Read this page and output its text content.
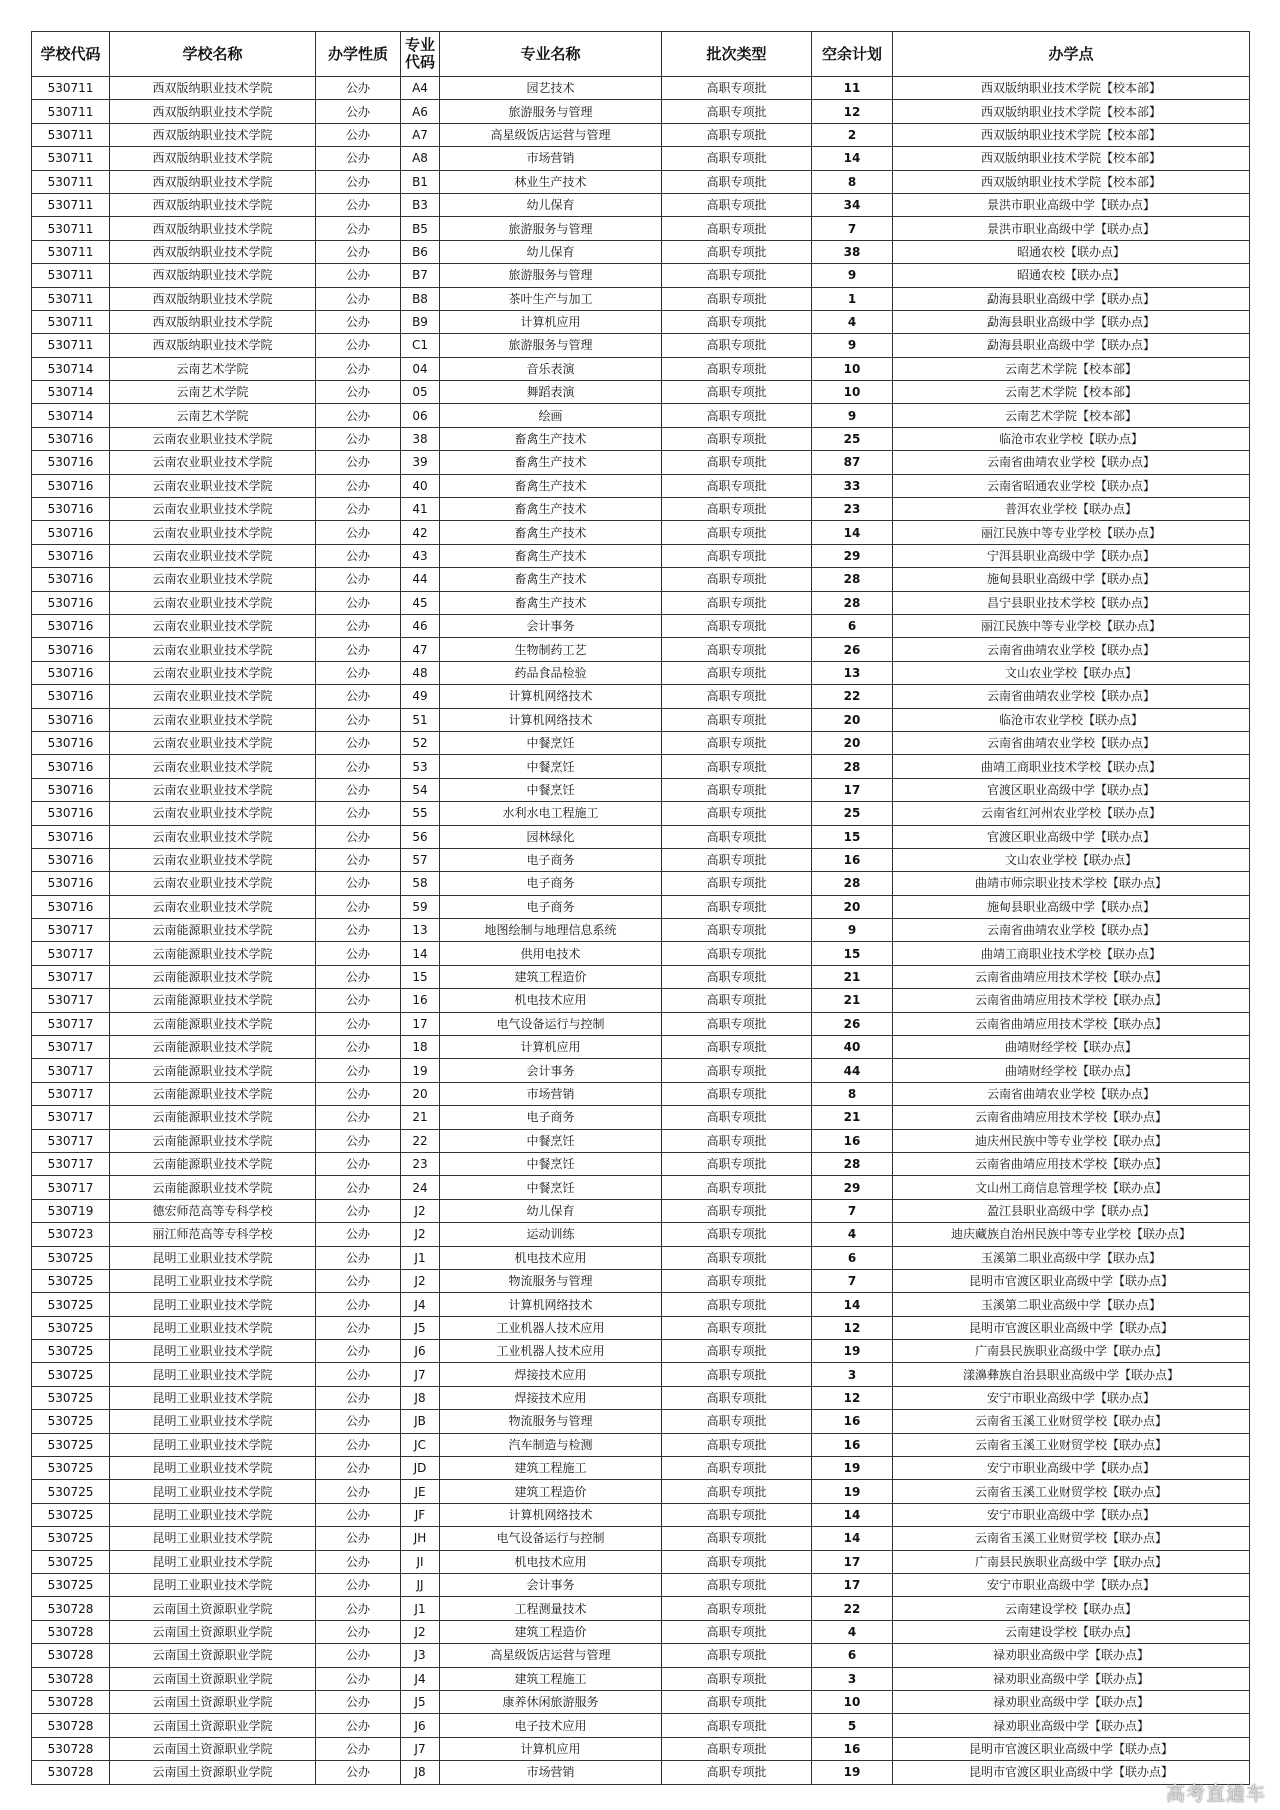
学校代码	学校名称	办学性质	专业代码	专业名称	批次类型	空余计划	办学点
530711	西双版纳职业技术学院	公办	A4	园艺技术	高职专项批	11	西双版纳职业技术学院【校本部】
530711	西双版纳职业技术学院	公办	A6	旅游服务与管理	高职专项批	12	西双版纳职业技术学院【校本部】
530711	西双版纳职业技术学院	公办	A7	高星级饭店运营与管理	高职专项批	2	西双版纳职业技术学院【校本部】
530711	西双版纳职业技术学院	公办	A8	市场营销	高职专项批	14	西双版纳职业技术学院【校本部】
530711	西双版纳职业技术学院	公办	B1	林业生产技术	高职专项批	8	西双版纳职业技术学院【校本部】
530711	西双版纳职业技术学院	公办	B3	幼儿保育	高职专项批	34	景洪市职业高级中学【联办点】
530711	西双版纳职业技术学院	公办	B5	旅游服务与管理	高职专项批	7	景洪市职业高级中学【联办点】
530711	西双版纳职业技术学院	公办	B6	幼儿保育	高职专项批	38	昭通农校【联办点】
530711	西双版纳职业技术学院	公办	B7	旅游服务与管理	高职专项批	9	昭通农校【联办点】
530711	西双版纳职业技术学院	公办	B8	茶叶生产与加工	高职专项批	1	勐海县职业高级中学【联办点】
530711	西双版纳职业技术学院	公办	B9	计算机应用	高职专项批	4	勐海县职业高级中学【联办点】
530711	西双版纳职业技术学院	公办	C1	旅游服务与管理	高职专项批	9	勐海县职业高级中学【联办点】
530714	云南艺术学院	公办	04	音乐表演	高职专项批	10	云南艺术学院【校本部】
530714	云南艺术学院	公办	05	舞蹈表演	高职专项批	10	云南艺术学院【校本部】
530714	云南艺术学院	公办	06	绘画	高职专项批	9	云南艺术学院【校本部】
530716	云南农业职业技术学院	公办	38	畜禽生产技术	高职专项批	25	临沧市农业学校【联办点】
530716	云南农业职业技术学院	公办	39	畜禽生产技术	高职专项批	87	云南省曲靖农业学校【联办点】
530716	云南农业职业技术学院	公办	40	畜禽生产技术	高职专项批	33	云南省昭通农业学校【联办点】
530716	云南农业职业技术学院	公办	41	畜禽生产技术	高职专项批	23	普洱农业学校【联办点】
530716	云南农业职业技术学院	公办	42	畜禽生产技术	高职专项批	14	丽江民族中等专业学校【联办点】
530716	云南农业职业技术学院	公办	43	畜禽生产技术	高职专项批	29	宁洱县职业高级中学【联办点】
530716	云南农业职业技术学院	公办	44	畜禽生产技术	高职专项批	28	施甸县职业高级中学【联办点】
530716	云南农业职业技术学院	公办	45	畜禽生产技术	高职专项批	28	昌宁县职业技术学校【联办点】
530716	云南农业职业技术学院	公办	46	会计事务	高职专项批	6	丽江民族中等专业学校【联办点】
530716	云南农业职业技术学院	公办	47	生物制药工艺	高职专项批	26	云南省曲靖农业学校【联办点】
530716	云南农业职业技术学院	公办	48	药品食品检验	高职专项批	13	文山农业学校【联办点】
530716	云南农业职业技术学院	公办	49	计算机网络技术	高职专项批	22	云南省曲靖农业学校【联办点】
530716	云南农业职业技术学院	公办	51	计算机网络技术	高职专项批	20	临沧市农业学校【联办点】
530716	云南农业职业技术学院	公办	52	中餐烹饪	高职专项批	20	云南省曲靖农业学校【联办点】
530716	云南农业职业技术学院	公办	53	中餐烹饪	高职专项批	28	曲靖工商职业技术学校【联办点】
530716	云南农业职业技术学院	公办	54	中餐烹饪	高职专项批	17	官渡区职业高级中学【联办点】
530716	云南农业职业技术学院	公办	55	水利水电工程施工	高职专项批	25	云南省红河州农业学校【联办点】
530716	云南农业职业技术学院	公办	56	园林绿化	高职专项批	15	官渡区职业高级中学【联办点】
530716	云南农业职业技术学院	公办	57	电子商务	高职专项批	16	文山农业学校【联办点】
530716	云南农业职业技术学院	公办	58	电子商务	高职专项批	28	曲靖市师宗职业技术学校【联办点】
530716	云南农业职业技术学院	公办	59	电子商务	高职专项批	20	施甸县职业高级中学【联办点】
530717	云南能源职业技术学院	公办	13	地图绘制与地理信息系统	高职专项批	9	云南省曲靖农业学校【联办点】
530717	云南能源职业技术学院	公办	14	供用电技术	高职专项批	15	曲靖工商职业技术学校【联办点】
530717	云南能源职业技术学院	公办	15	建筑工程造价	高职专项批	21	云南省曲靖应用技术学校【联办点】
530717	云南能源职业技术学院	公办	16	机电技术应用	高职专项批	21	云南省曲靖应用技术学校【联办点】
530717	云南能源职业技术学院	公办	17	电气设备运行与控制	高职专项批	26	云南省曲靖应用技术学校【联办点】
530717	云南能源职业技术学院	公办	18	计算机应用	高职专项批	40	曲靖财经学校【联办点】
530717	云南能源职业技术学院	公办	19	会计事务	高职专项批	44	曲靖财经学校【联办点】
530717	云南能源职业技术学院	公办	20	市场营销	高职专项批	8	云南省曲靖农业学校【联办点】
530717	云南能源职业技术学院	公办	21	电子商务	高职专项批	21	云南省曲靖应用技术学校【联办点】
530717	云南能源职业技术学院	公办	22	中餐烹饪	高职专项批	16	迪庆州民族中等专业学校【联办点】
530717	云南能源职业技术学院	公办	23	中餐烹饪	高职专项批	28	云南省曲靖应用技术学校【联办点】
530717	云南能源职业技术学院	公办	24	中餐烹饪	高职专项批	29	文山州工商信息管理学校【联办点】
530719	德宏师范高等专科学校	公办	J2	幼儿保育	高职专项批	7	盈江县职业高级中学【联办点】
530723	丽江师范高等专科学校	公办	J2	运动训练	高职专项批	4	迪庆藏族自治州民族中等专业学校【联办点】
530725	昆明工业职业技术学院	公办	J1	机电技术应用	高职专项批	6	玉溪第二职业高级中学【联办点】
530725	昆明工业职业技术学院	公办	J2	物流服务与管理	高职专项批	7	昆明市官渡区职业高级中学【联办点】
530725	昆明工业职业技术学院	公办	J4	计算机网络技术	高职专项批	14	玉溪第二职业高级中学【联办点】
530725	昆明工业职业技术学院	公办	J5	工业机器人技术应用	高职专项批	12	昆明市官渡区职业高级中学【联办点】
530725	昆明工业职业技术学院	公办	J6	工业机器人技术应用	高职专项批	19	广南县民族职业高级中学【联办点】
530725	昆明工业职业技术学院	公办	J7	焊接技术应用	高职专项批	3	漾濞彝族自治县职业高级中学【联办点】
530725	昆明工业职业技术学院	公办	J8	焊接技术应用	高职专项批	12	安宁市职业高级中学【联办点】
530725	昆明工业职业技术学院	公办	JB	物流服务与管理	高职专项批	16	云南省玉溪工业财贸学校【联办点】
530725	昆明工业职业技术学院	公办	JC	汽车制造与检测	高职专项批	16	云南省玉溪工业财贸学校【联办点】
530725	昆明工业职业技术学院	公办	JD	建筑工程施工	高职专项批	19	安宁市职业高级中学【联办点】
530725	昆明工业职业技术学院	公办	JE	建筑工程造价	高职专项批	19	云南省玉溪工业财贸学校【联办点】
530725	昆明工业职业技术学院	公办	JF	计算机网络技术	高职专项批	14	安宁市职业高级中学【联办点】
530725	昆明工业职业技术学院	公办	JH	电气设备运行与控制	高职专项批	14	云南省玉溪工业财贸学校【联办点】
530725	昆明工业职业技术学院	公办	JI	机电技术应用	高职专项批	17	广南县民族职业高级中学【联办点】
530725	昆明工业职业技术学院	公办	JJ	会计事务	高职专项批	17	安宁市职业高级中学【联办点】
530728	云南国土资源职业学院	公办	J1	工程测量技术	高职专项批	22	云南建设学校【联办点】
530728	云南国土资源职业学院	公办	J2	建筑工程造价	高职专项批	4	云南建设学校【联办点】
530728	云南国土资源职业学院	公办	J3	高星级饭店运营与管理	高职专项批	6	禄劝职业高级中学【联办点】
530728	云南国土资源职业学院	公办	J4	建筑工程施工	高职专项批	3	禄劝职业高级中学【联办点】
530728	云南国土资源职业学院	公办	J5	康养休闲旅游服务	高职专项批	10	禄劝职业高级中学【联办点】
530728	云南国土资源职业学院	公办	J6	电子技术应用	高职专项批	5	禄劝职业高级中学【联办点】
530728	云南国土资源职业学院	公办	J7	计算机应用	高职专项批	16	昆明市官渡区职业高级中学【联办点】
530728	云南国土资源职业学院	公办	J8	市场营销	高职专项批	19	昆明市官渡区职业高级中学【联办点】
高考直通车
